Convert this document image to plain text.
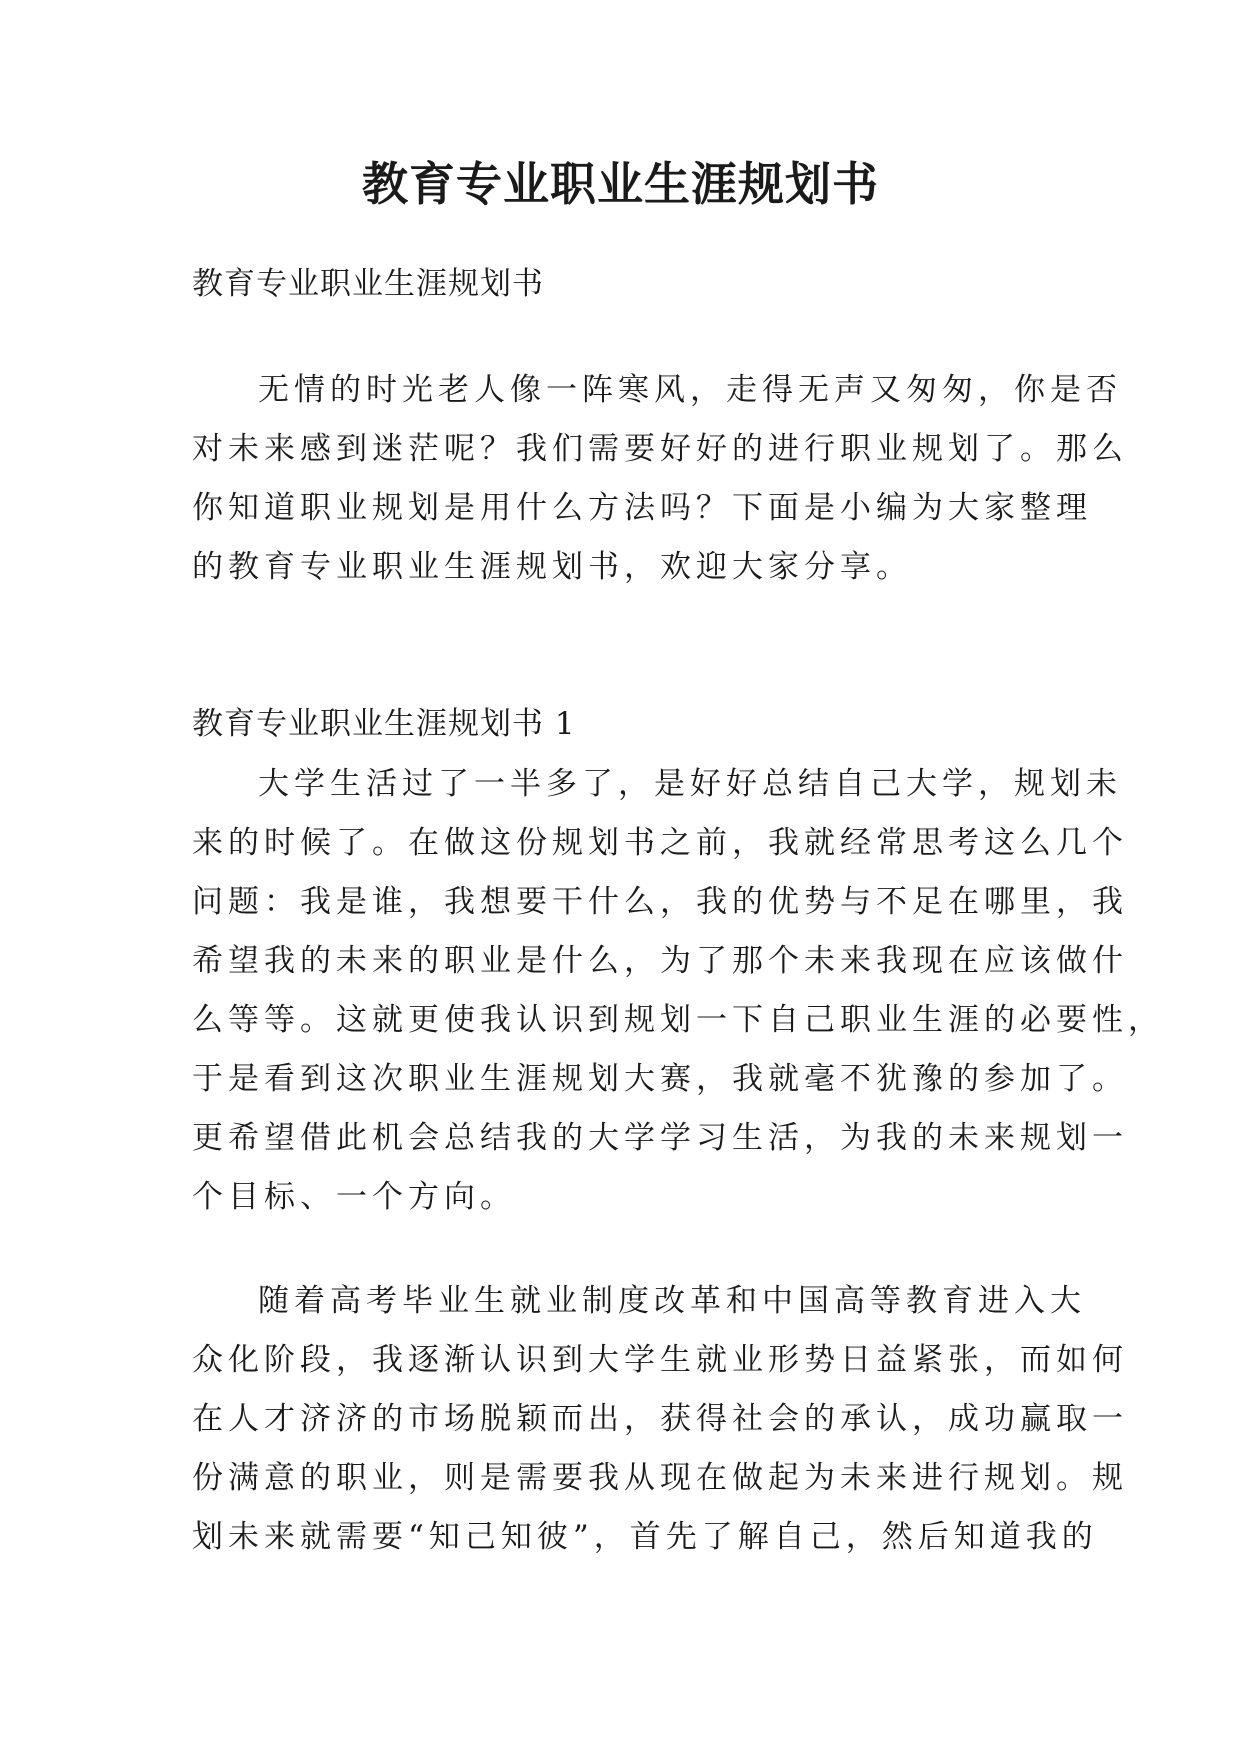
教育专业职业生涯规划书

教育专业职业生涯规划书

无情的时光老人像一阵寒风，走得无声又匆匆，你是否
对未来感到迷茫呢？我们需要好好的进行职业规划了。那么
你知道职业规划是用什么方法吗？下面是小编为大家整理
的教育专业职业生涯规划书，欢迎大家分享。

教育专业职业生涯规划书 1

大学生活过了一半多了，是好好总结自己大学，规划未
来的时候了。在做这份规划书之前，我就经常思考这么几个
问题：我是谁，我想要干什么，我的优势与不足在哪里，我
希望我的未来的职业是什么，为了那个未来我现在应该做什
么等等。这就更使我认识到规划一下自己职业生涯的必要性，
于是看到这次职业生涯规划大赛，我就毫不犹豫的参加了。
更希望借此机会总结我的大学学习生活，为我的未来规划一
个目标、一个方向。
随着高考毕业生就业制度改革和中国高等教育进入大
众化阶段，我逐渐认识到大学生就业形势日益紧张，而如何
在人才济济的市场脱颖而出，获得社会的承认，成功赢取一
份满意的职业，则是需要我从现在做起为未来进行规划。规
划未来就需要“知己知彼”，首先了解自己，然后知道我的
